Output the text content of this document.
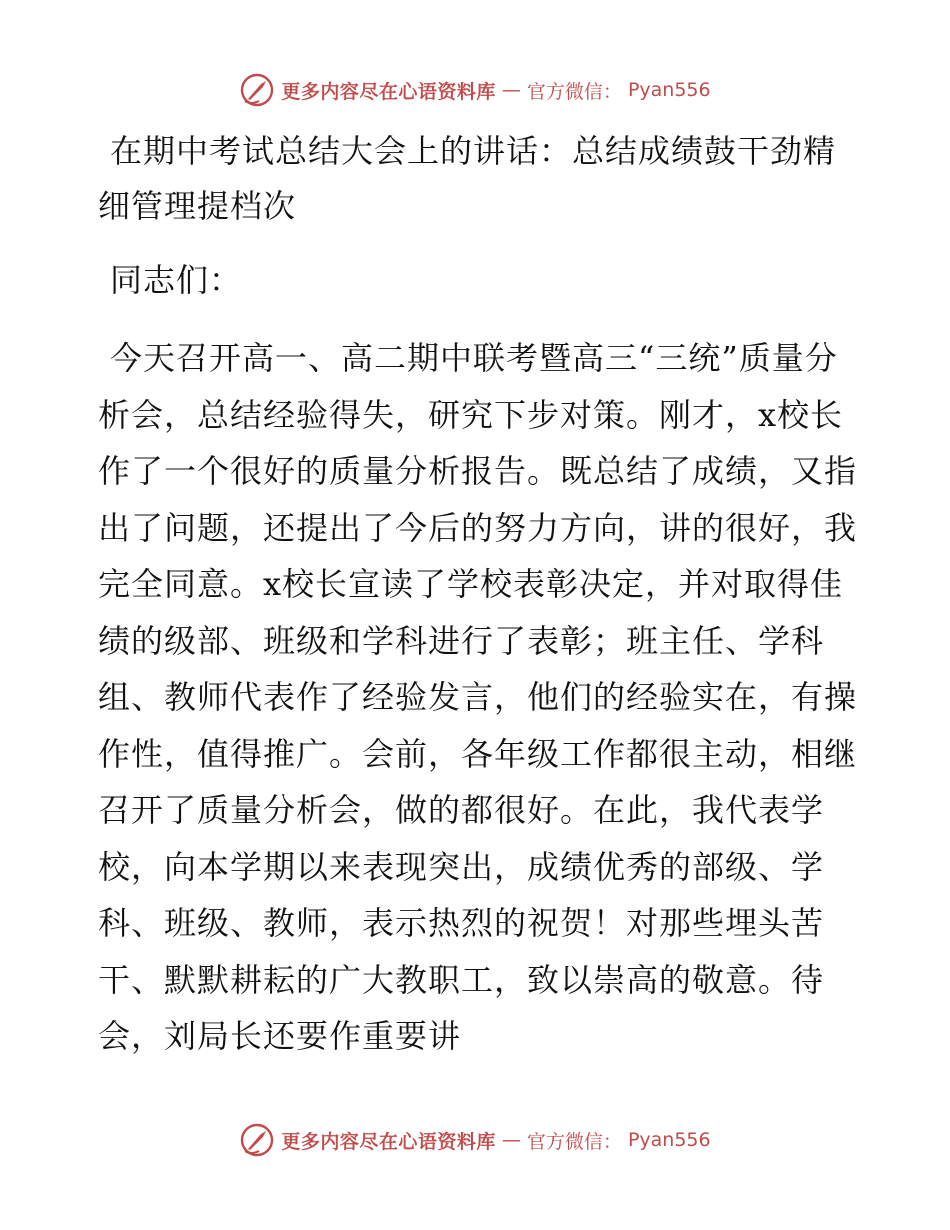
更多内容尽在心语资料库 — 官方微信： Pyan556
在期中考试总结大会上的讲话：总结成绩鼓干劲精细管理提档次

同志们：

今天召开高一、高二期中联考暨高三“三统”质量分析会，总结经验得失，研究下步对策。刚才，x校长作了一个很好的质量分析报告。既总结了成绩，又指出了问题，还提出了今后的努力方向，讲的很好，我完全同意。x校长宣读了学校表彰决定，并对取得佳绩的级部、班级和学科进行了表彰；班主任、学科组、教师代表作了经验发言，他们的经验实在，有操作性，值得推广。会前，各年级工作都很主动，相继召开了质量分析会，做的都很好。在此，我代表学校，向本学期以来表现突出，成绩优秀的部级、学科、班级、教师，表示热烈的祝贺！对那些埋头苦干、默默耕耘的广大教职工，致以崇高的敬意。待会，刘局长还要作重要讲

更多内容尽在心语资料库 — 官方微信： Pyan556
